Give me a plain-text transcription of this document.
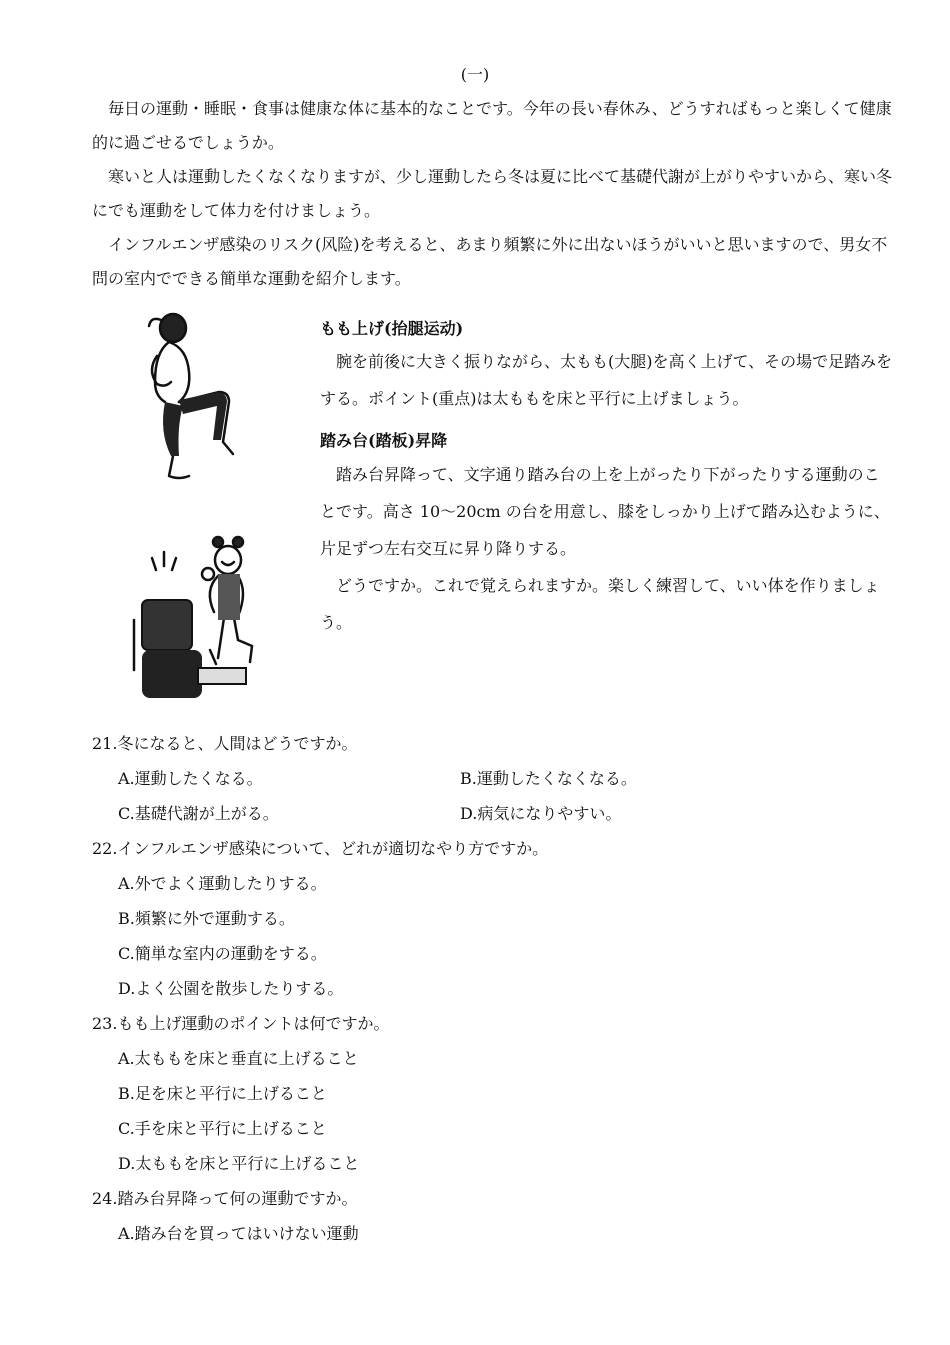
(一)

毎日の運動・睡眠・食事は健康な体に基本的なことです。今年の長い春休み、どうすればもっと楽しくて健康的に過ごせるでしょうか。

寒いと人は運動したくなくなりますが、少し運動したら冬は夏に比べて基礎代謝が上がりやすいから、寒い冬にでも運動をして体力を付けましょう。

インフルエンザ感染のリスク(风险)を考えると、あまり頻繁に外に出ないほうがいいと思いますので、男女不問の室内でできる簡単な運動を紹介します。

もも上げ(抬腿运动)

腕を前後に大きく振りながら、太もも(大腿)を高く上げて、その場で足踏みをする。ポイント(重点)は太ももを床と平行に上げましょう。

踏み台(踏板)昇降

踏み台昇降って、文字通り踏み台の上を上がったり下がったりする運動のことです。高さ 10〜20cm の台を用意し、膝をしっかり上げて踏み込むように、片足ずつ左右交互に昇り降りする。

どうですか。これで覚えられますか。楽しく練習して、いい体を作りましょう。

21.冬になると、人間はどうですか。
A.運動したくなる。	B.運動したくなくなる。
C.基礎代謝が上がる。	D.病気になりやすい。
22.インフルエンザ感染について、どれが適切なやり方ですか。
A.外でよく運動したりする。
B.頻繁に外で運動する。
C.簡単な室内の運動をする。
D.よく公園を散歩したりする。
23.もも上げ運動のポイントは何ですか。
A.太ももを床と垂直に上げること
B.足を床と平行に上げること
C.手を床と平行に上げること
D.太ももを床と平行に上げること
24.踏み台昇降って何の運動ですか。
A.踏み台を買ってはいけない運動
